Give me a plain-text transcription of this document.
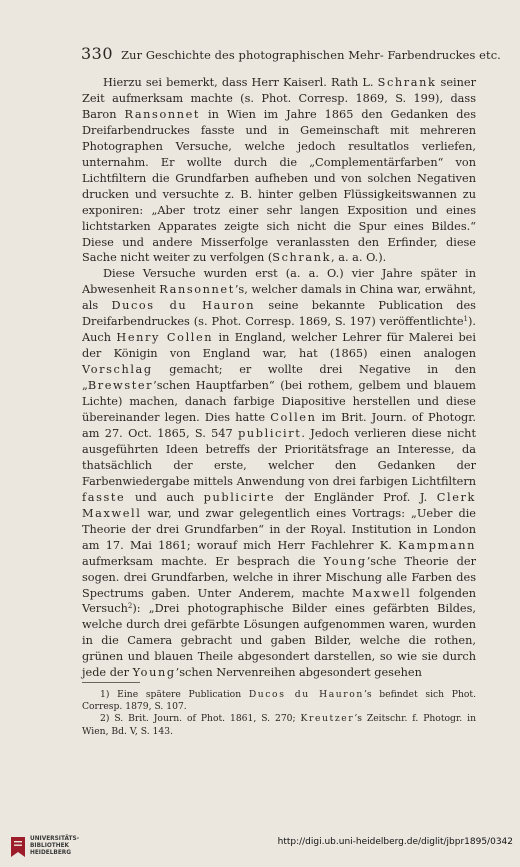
330 Zur Geschichte des photographischen Mehr- Farbendruckes etc.

Hierzu sei bemerkt, dass Herr Kaiserl. Rath L. Schrank seiner Zeit aufmerksam machte (s. Phot. Corresp. 1869, S. 199), dass Baron Ransonnet in Wien im Jahre 1865 den Gedanken des Dreifarbendruckes fasste und in Gemeinschaft mit mehreren Photographen Versuche, welche jedoch resultatlos verliefen, unternahm. Er wollte durch die „Complementärfarben“ von Lichtfiltern die Grundfarben aufheben und von solchen Negativen drucken und versuchte z. B. hinter gelben Flüssigkeitswannen zu exponiren: „Aber trotz einer sehr langen Exposition und eines lichtstarken Apparates zeigte sich nicht die Spur eines Bildes.“ Diese und andere Misserfolge veranlassten den Erfinder, diese Sache nicht weiter zu verfolgen (Schrank, a. a. O.).

Diese Versuche wurden erst (a. a. O.) vier Jahre später in Abwesenheit Ransonnet’s, welcher damals in China war, erwähnt, als Ducos du Hauron seine bekannte Publication des Dreifarbendruckes (s. Phot. Corresp. 1869, S. 197) veröffentlichte$^1$). Auch Henry Collen in England, welcher Lehrer für Malerei bei der Königin von England war, hat (1865) einen analogen Vorschlag gemacht; er wollte drei Negative in den „Brewster’schen Hauptfarben“ (bei rothem, gelbem und blauem Lichte) machen, danach farbige Diapositive herstellen und diese übereinander legen. Dies hatte Collen im Brit. Journ. of Photogr. am 27. Oct. 1865, S. 547 publicirt. Jedoch verlieren diese nicht ausgeführten Ideen betreffs der Prioritätsfrage an Interesse, da thatsächlich der erste, welcher den Gedanken der Farbenwiedergabe mittels Anwendung von drei farbigen Lichtfiltern fasste und auch publicirte der Engländer Prof. J. Clerk Maxwell war, und zwar gelegentlich eines Vortrags: „Ueber die Theorie der drei Grundfarben“ in der Royal. Institution in London am 17. Mai 1861; worauf mich Herr Fachlehrer K. Kampmann aufmerksam machte. Er besprach die Young’sche Theorie der sogen. drei Grundfarben, welche in ihrer Mischung alle Farben des Spectrums gaben. Unter Anderem, machte Maxwell folgenden Versuch$^2$): „Drei photographische Bilder eines gefärbten Bildes, welche durch drei gefärbte Lösungen aufgenommen waren, wurden in die Camera gebracht und gaben Bilder, welche die rothen, grünen und blauen Theile abgesondert darstellen, so wie sie durch jede der Young’schen Nervenreihen abgesondert gesehen

1) Eine spätere Publication Ducos du Hauron’s befindet sich Phot. Corresp. 1879, S. 107.

2) S. Brit. Journ. of Phot. 1861, S. 270; Kreutzer’s Zeitschr. f. Photogr. in Wien, Bd. V, S. 143.

UNIVERSITÄTS-
BIBLIOTHEK
HEIDELBERG
http://digi.ub.uni-heidelberg.de/diglit/jbpr1895/0342
